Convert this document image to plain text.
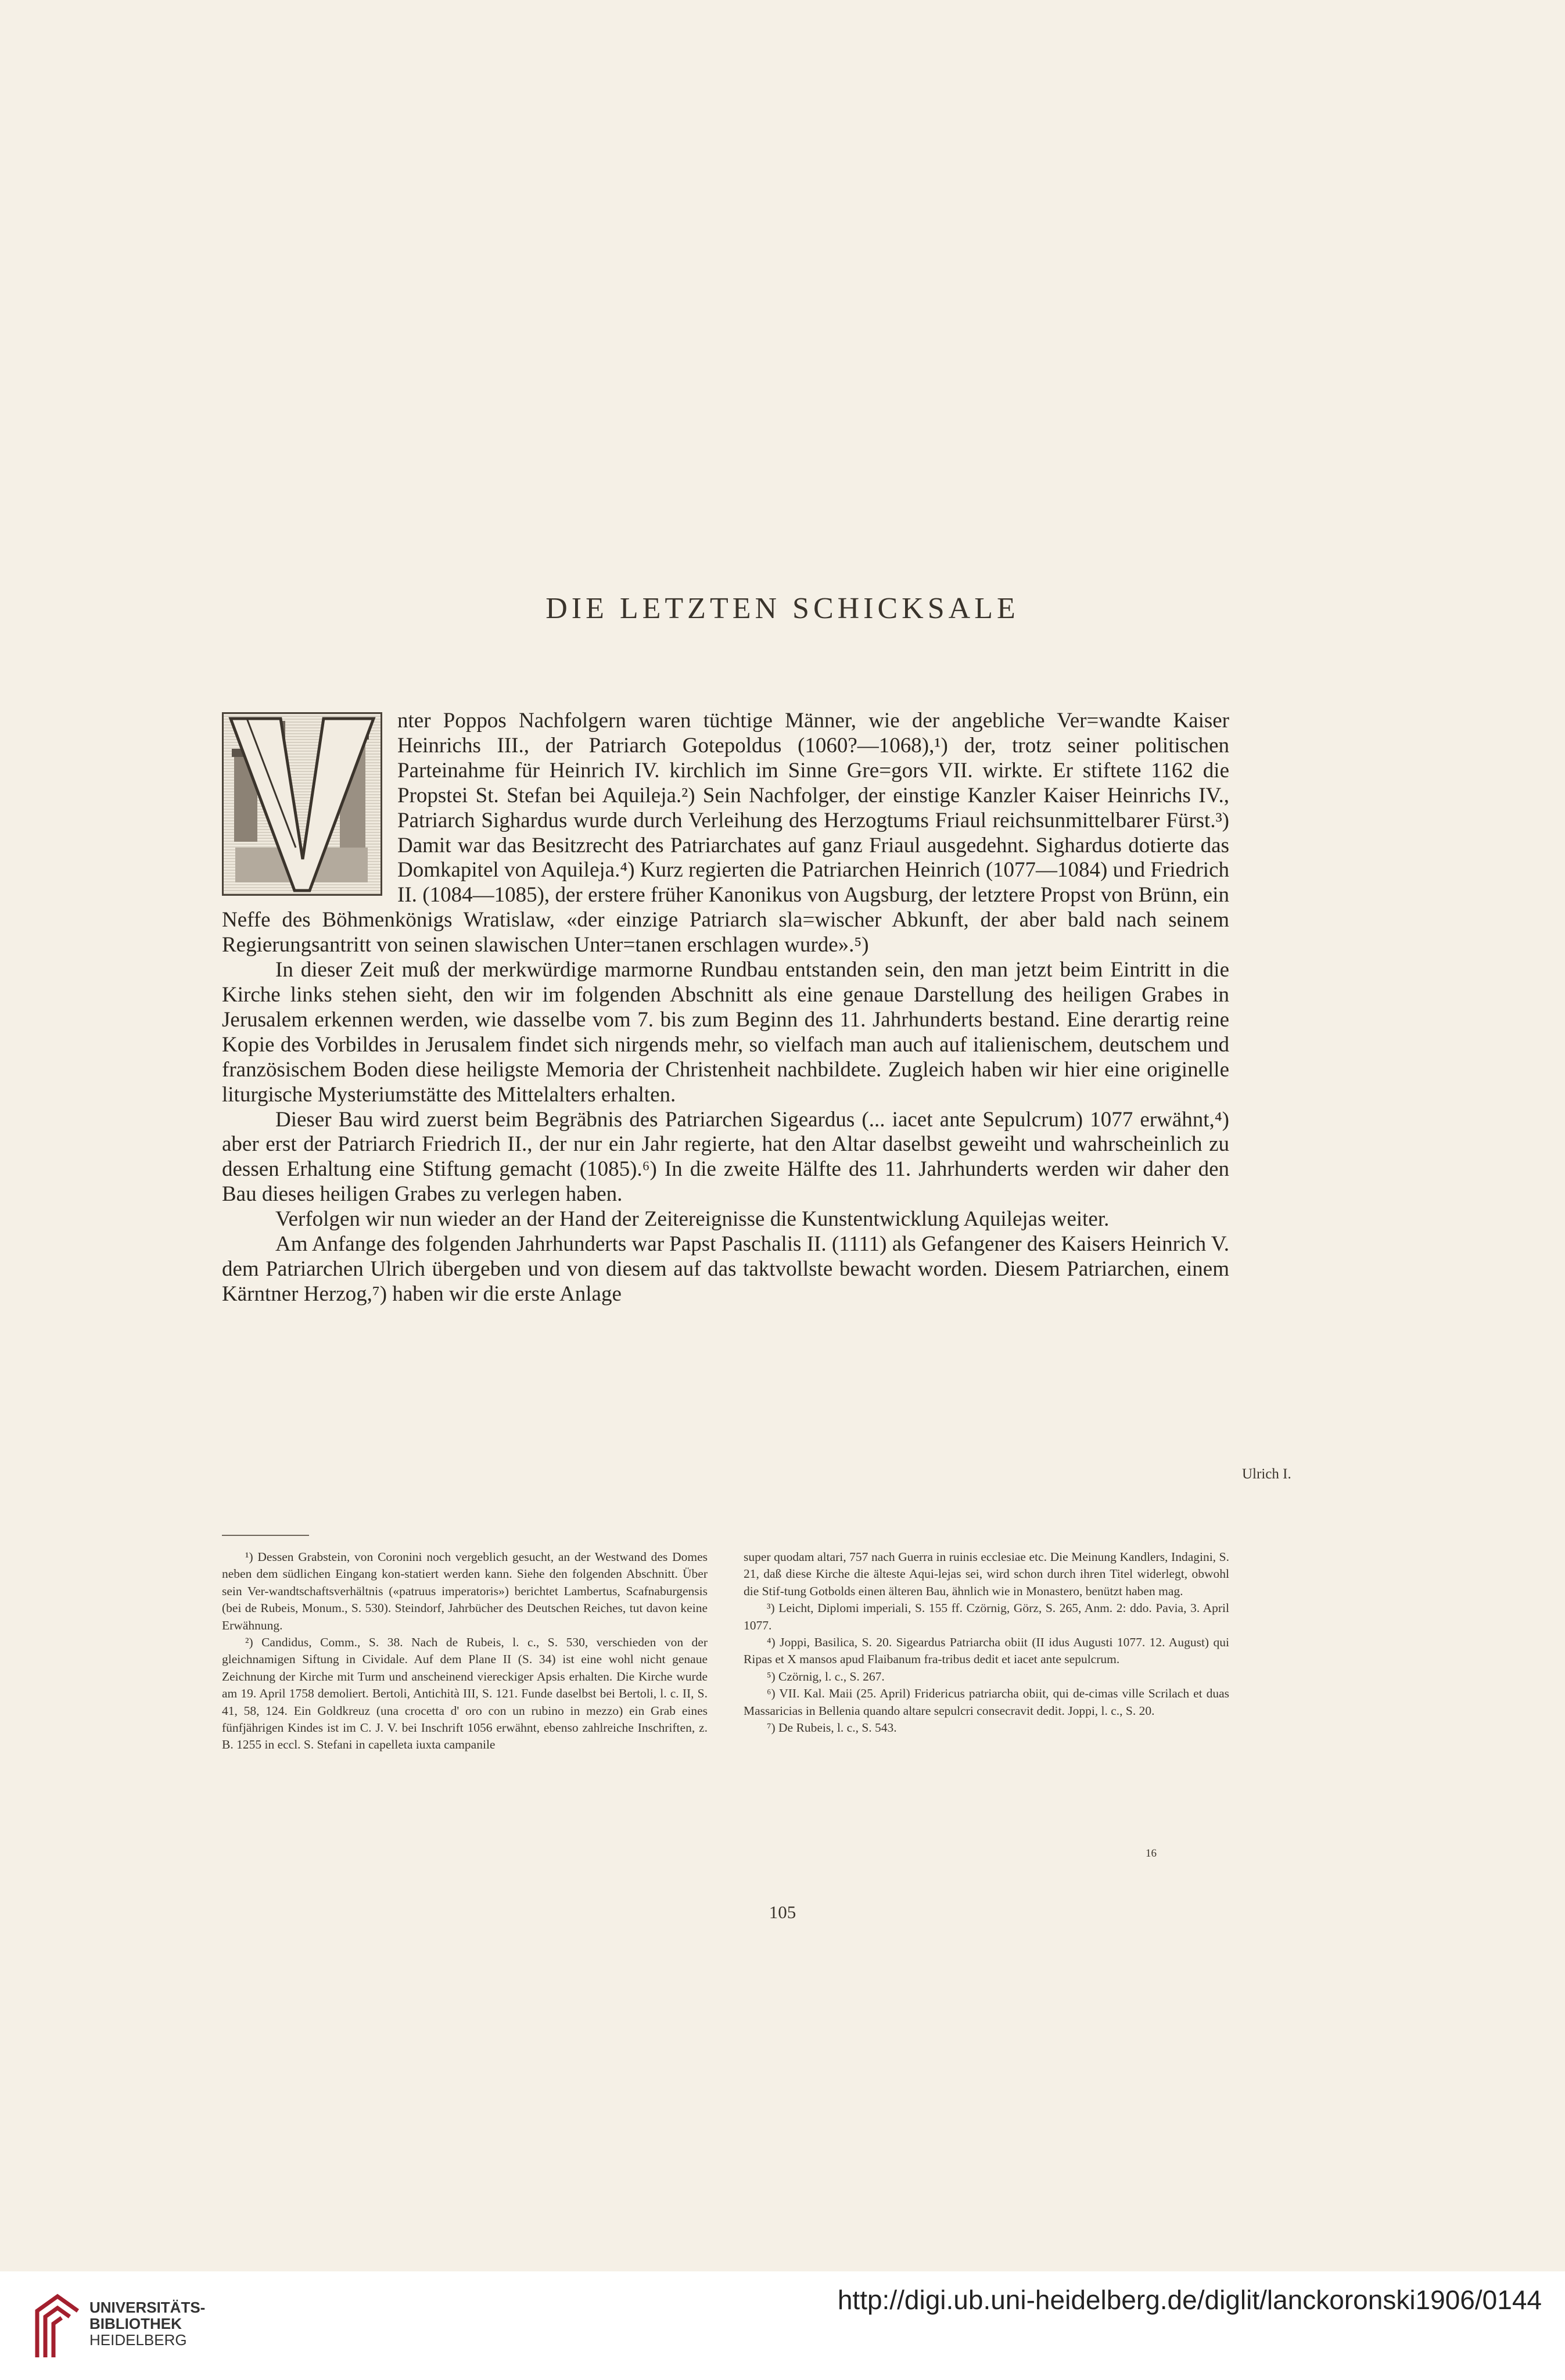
DIE LETZTEN SCHICKSALE

nter Poppos Nachfolgern waren tüchtige Männer, wie der angebliche Ver=wandte Kaiser Heinrichs III., der Patriarch Gotepoldus (1060?—1068),¹) der, trotz seiner politischen Parteinahme für Heinrich IV. kirchlich im Sinne Gre=gors VII. wirkte. Er stiftete 1162 die Propstei St. Stefan bei Aquileja.²) Sein Nachfolger, der einstige Kanzler Kaiser Heinrichs IV., Patriarch Sighardus wurde durch Verleihung des Herzogtums Friaul reichsunmittelbarer Fürst.³) Damit war das Besitzrecht des Patriarchates auf ganz Friaul ausgedehnt. Sighardus dotierte das Domkapitel von Aquileja.⁴) Kurz regierten die Patriarchen Heinrich (1077—1084) und Friedrich II. (1084—1085), der erstere früher Kanonikus von Augsburg, der letztere Propst von Brünn, ein Neffe des Böhmenkönigs Wratislaw, «der einzige Patriarch sla=wischer Abkunft, der aber bald nach seinem Regierungsantritt von seinen slawischen Unter=tanen erschlagen wurde».⁵)

In dieser Zeit muß der merkwürdige marmorne Rundbau entstanden sein, den man jetzt beim Eintritt in die Kirche links stehen sieht, den wir im folgenden Abschnitt als eine genaue Darstellung des heiligen Grabes in Jerusalem erkennen werden, wie dasselbe vom 7. bis zum Beginn des 11. Jahrhunderts bestand. Eine derartig reine Kopie des Vorbildes in Jerusalem findet sich nirgends mehr, so vielfach man auch auf italienischem, deutschem und französischem Boden diese heiligste Memoria der Christenheit nachbildete. Zugleich haben wir hier eine originelle liturgische Mysteriumstätte des Mittelalters erhalten.

Dieser Bau wird zuerst beim Begräbnis des Patriarchen Sigeardus (... iacet ante Sepulcrum) 1077 erwähnt,⁴) aber erst der Patriarch Friedrich II., der nur ein Jahr regierte, hat den Altar daselbst geweiht und wahrscheinlich zu dessen Erhaltung eine Stiftung gemacht (1085).⁶) In die zweite Hälfte des 11. Jahrhunderts werden wir daher den Bau dieses heiligen Grabes zu verlegen haben.

Verfolgen wir nun wieder an der Hand der Zeitereignisse die Kunstentwicklung Aquilejas weiter.

Am Anfange des folgenden Jahrhunderts war Papst Paschalis II. (1111) als Gefangener des Kaisers Heinrich V. dem Patriarchen Ulrich übergeben und von diesem auf das taktvollste bewacht worden. Diesem Patriarchen, einem Kärntner Herzog,⁷) haben wir die erste Anlage

Ulrich I.

¹) Dessen Grabstein, von Coronini noch vergeblich gesucht, an der Westwand des Domes neben dem südlichen Eingang kon-statiert werden kann. Siehe den folgenden Abschnitt. Über sein Ver-wandtschaftsverhältnis («patruus imperatoris») berichtet Lambertus, Scafnaburgensis (bei de Rubeis, Monum., S. 530). Steindorf, Jahrbücher des Deutschen Reiches, tut davon keine Erwähnung.

²) Candidus, Comm., S. 38. Nach de Rubeis, l. c., S. 530, verschieden von der gleichnamigen Siftung in Cividale. Auf dem Plane II (S. 34) ist eine wohl nicht genaue Zeichnung der Kirche mit Turm und anscheinend viereckiger Apsis erhalten. Die Kirche wurde am 19. April 1758 demoliert. Bertoli, Antichità III, S. 121. Funde daselbst bei Bertoli, l. c. II, S. 41, 58, 124. Ein Goldkreuz (una crocetta d' oro con un rubino in mezzo) ein Grab eines fünfjährigen Kindes ist im C. J. V. bei Inschrift 1056 erwähnt, ebenso zahlreiche Inschriften, z. B. 1255 in eccl. S. Stefani in capelleta iuxta campanile

super quodam altari, 757 nach Guerra in ruinis ecclesiae etc. Die Meinung Kandlers, Indagini, S. 21, daß diese Kirche die älteste Aqui-lejas sei, wird schon durch ihren Titel widerlegt, obwohl die Stif-tung Gotbolds einen älteren Bau, ähnlich wie in Monastero, benützt haben mag.

³) Leicht, Diplomi imperiali, S. 155 ff. Czörnig, Görz, S. 265, Anm. 2: ddo. Pavia, 3. April 1077.

⁴) Joppi, Basilica, S. 20. Sigeardus Patriarcha obiit (II idus Augusti 1077. 12. August) qui Ripas et X mansos apud Flaibanum fra-tribus dedit et iacet ante sepulcrum.

⁵) Czörnig, l. c., S. 267.

⁶) VII. Kal. Maii (25. April) Fridericus patriarcha obiit, qui de-cimas ville Scrilach et duas Massaricias in Bellenia quando altare sepulcri consecravit dedit. Joppi, l. c., S. 20.

⁷) De Rubeis, l. c., S. 543.

16
105
UNIVERSITÄTS-
BIBLIOTHEK
HEIDELBERG
http://digi.ub.uni-heidelberg.de/diglit/lanckoronski1906/0144
